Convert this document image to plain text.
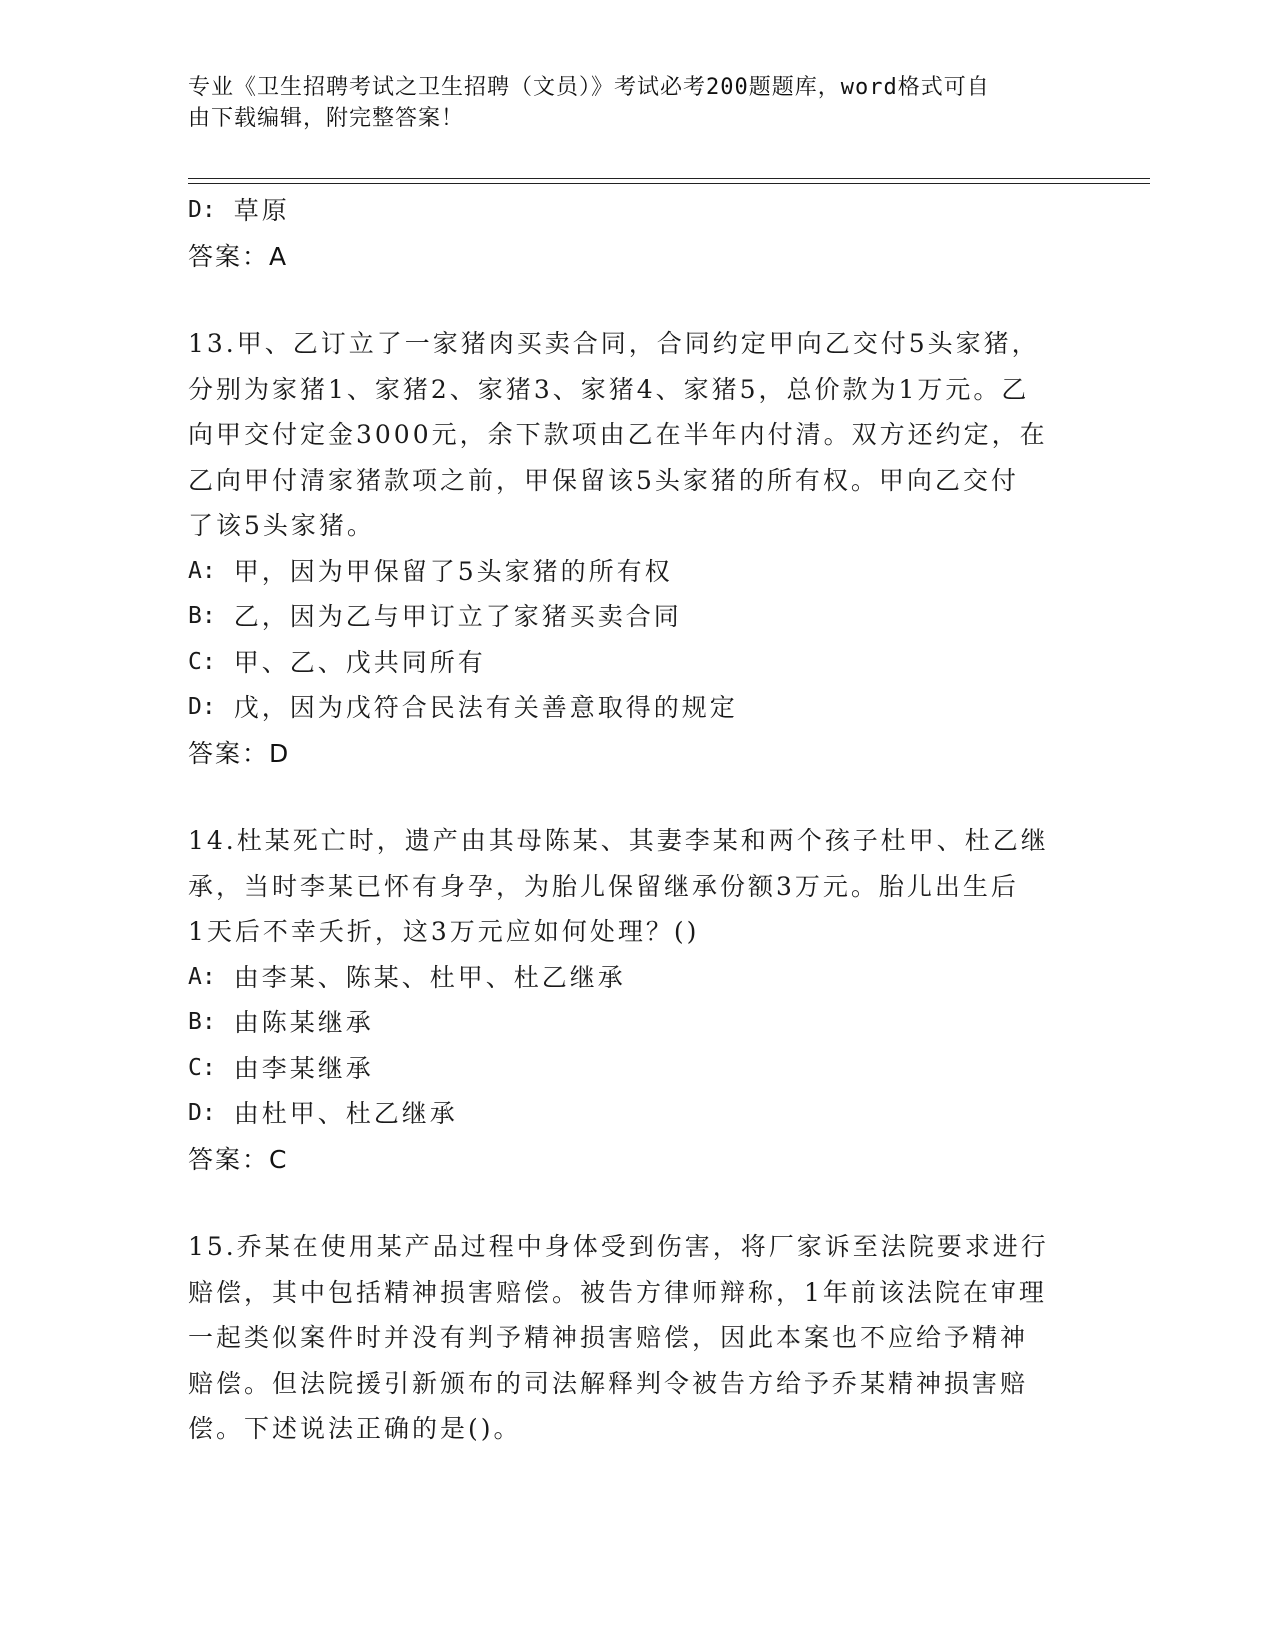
专业《卫生招聘考试之卫生招聘（文员）》考试必考200题题库，word格式可自
由下载编辑，附完整答案！
D : 草原
答案：A
13.甲、乙订立了一家猪肉买卖合同，合同约定甲向乙交付5头家猪，
分别为家猪1、家猪2、家猪3、家猪4、家猪5，总价款为1万元。乙
向甲交付定金3000元，余下款项由乙在半年内付清。双方还约定，在
乙向甲付清家猪款项之前，甲保留该5头家猪的所有权。甲向乙交付
了该5头家猪。
A : 甲，因为甲保留了5头家猪的所有权
B : 乙，因为乙与甲订立了家猪买卖合同
C : 甲、乙、戊共同所有
D : 戊，因为戊符合民法有关善意取得的规定
答案：D
14.杜某死亡时，遗产由其母陈某、其妻李某和两个孩子杜甲、杜乙继
承，当时李某已怀有身孕，为胎儿保留继承份额3万元。胎儿出生后
1天后不幸夭折，这3万元应如何处理？()
A : 由李某、陈某、杜甲、杜乙继承
B : 由陈某继承
C : 由李某继承
D : 由杜甲、杜乙继承
答案：C
15.乔某在使用某产品过程中身体受到伤害，将厂家诉至法院要求进行
赔偿，其中包括精神损害赔偿。被告方律师辩称，1年前该法院在审理
一起类似案件时并没有判予精神损害赔偿，因此本案也不应给予精神
赔偿。但法院援引新颁布的司法解释判令被告方给予乔某精神损害赔
偿。下述说法正确的是()。
